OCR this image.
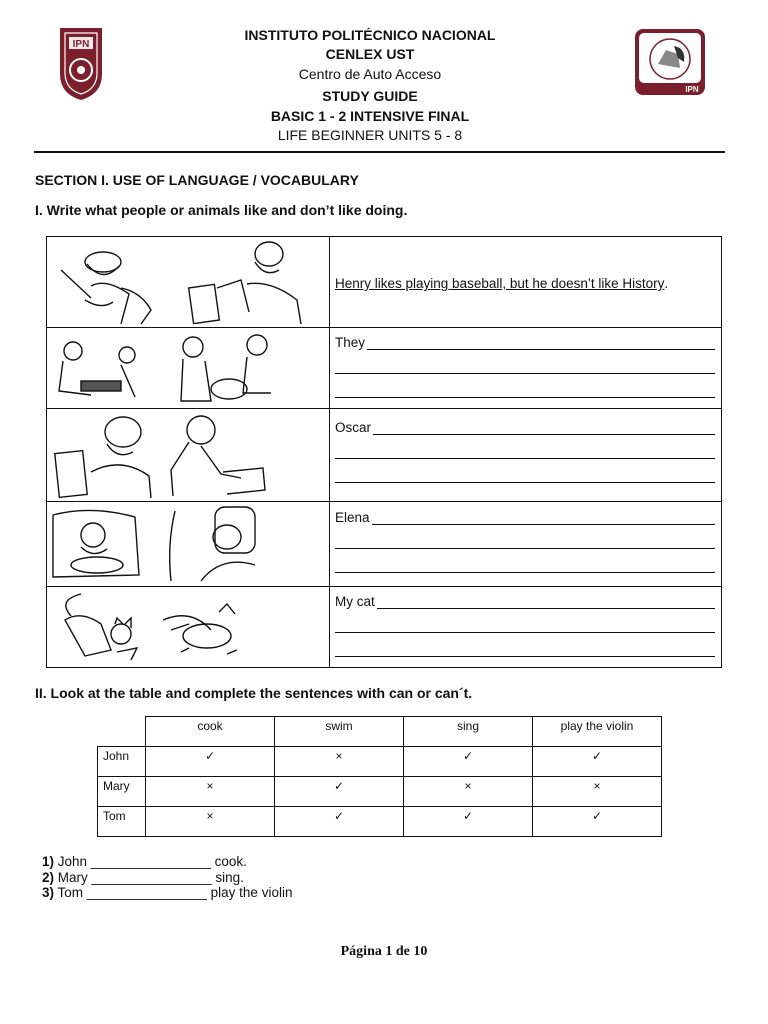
IPN
IPN
INSTITUTO POLITÉCNICO NACIONAL
CENLEX UST
Centro de Auto Acceso
STUDY GUIDE
BASIC 1 - 2 INTENSIVE FINAL
LIFE BEGINNER UNITS 5 - 8
SECTION I. USE OF LANGUAGE / VOCABULARY
I. Write what people or animals like and don’t like doing.
Henry likes playing baseball, but he doesn’t like History .
They
Oscar
Elena
My cat
II. Look at the table and complete the sentences with can or can´t.
	cook	swim	sing	play the violin
John	✓	×	✓	✓
Mary	×	✓	×	×
Tom	×	✓	✓	✓
1) John ________________ cook.
2) Mary ________________ sing.
3) Tom ________________ play the violin
Página 1 de 10
